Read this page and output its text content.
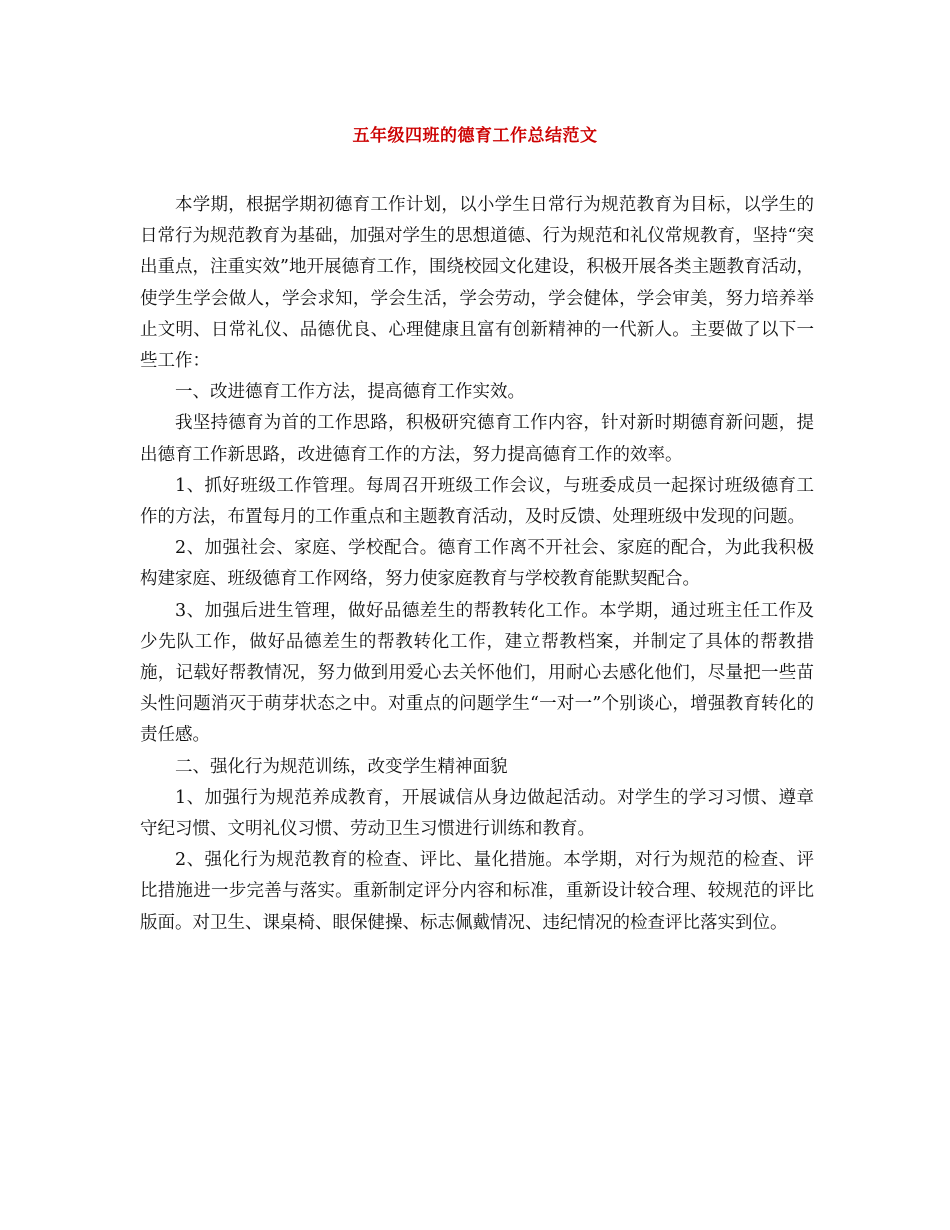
五年级四班的德育工作总结范文

本学期，根据学期初德育工作计划，以小学生日常行为规范教育为目标，以学生的日常行为规范教育为基础，加强对学生的思想道德、行为规范和礼仪常规教育，坚持“突出重点，注重实效”地开展德育工作，围绕校园文化建设，积极开展各类主题教育活动，使学生学会做人，学会求知，学会生活，学会劳动，学会健体，学会审美，努力培养举止文明、日常礼仪、品德优良、心理健康且富有创新精神的一代新人。主要做了以下一些工作：

一、改进德育工作方法，提高德育工作实效。

我坚持德育为首的工作思路，积极研究德育工作内容，针对新时期德育新问题，提出德育工作新思路，改进德育工作的方法，努力提高德育工作的效率。

1、抓好班级工作管理。每周召开班级工作会议，与班委成员一起探讨班级德育工作的方法，布置每月的工作重点和主题教育活动，及时反馈、处理班级中发现的问题。

2、加强社会、家庭、学校配合。德育工作离不开社会、家庭的配合，为此我积极构建家庭、班级德育工作网络，努力使家庭教育与学校教育能默契配合。

3、加强后进生管理，做好品德差生的帮教转化工作。本学期，通过班主任工作及少先队工作，做好品德差生的帮教转化工作，建立帮教档案，并制定了具体的帮教措施，记载好帮教情况，努力做到用爱心去关怀他们，用耐心去感化他们，尽量把一些苗头性问题消灭于萌芽状态之中。对重点的问题学生“一对一”个别谈心，增强教育转化的责任感。

二、强化行为规范训练，改变学生精神面貌

1、加强行为规范养成教育，开展诚信从身边做起活动。对学生的学习习惯、遵章守纪习惯、文明礼仪习惯、劳动卫生习惯进行训练和教育。

2、强化行为规范教育的检查、评比、量化措施。本学期，对行为规范的检查、评比措施进一步完善与落实。重新制定评分内容和标准，重新设计较合理、较规范的评比版面。对卫生、课桌椅、眼保健操、标志佩戴情况、违纪情况的检查评比落实到位。
